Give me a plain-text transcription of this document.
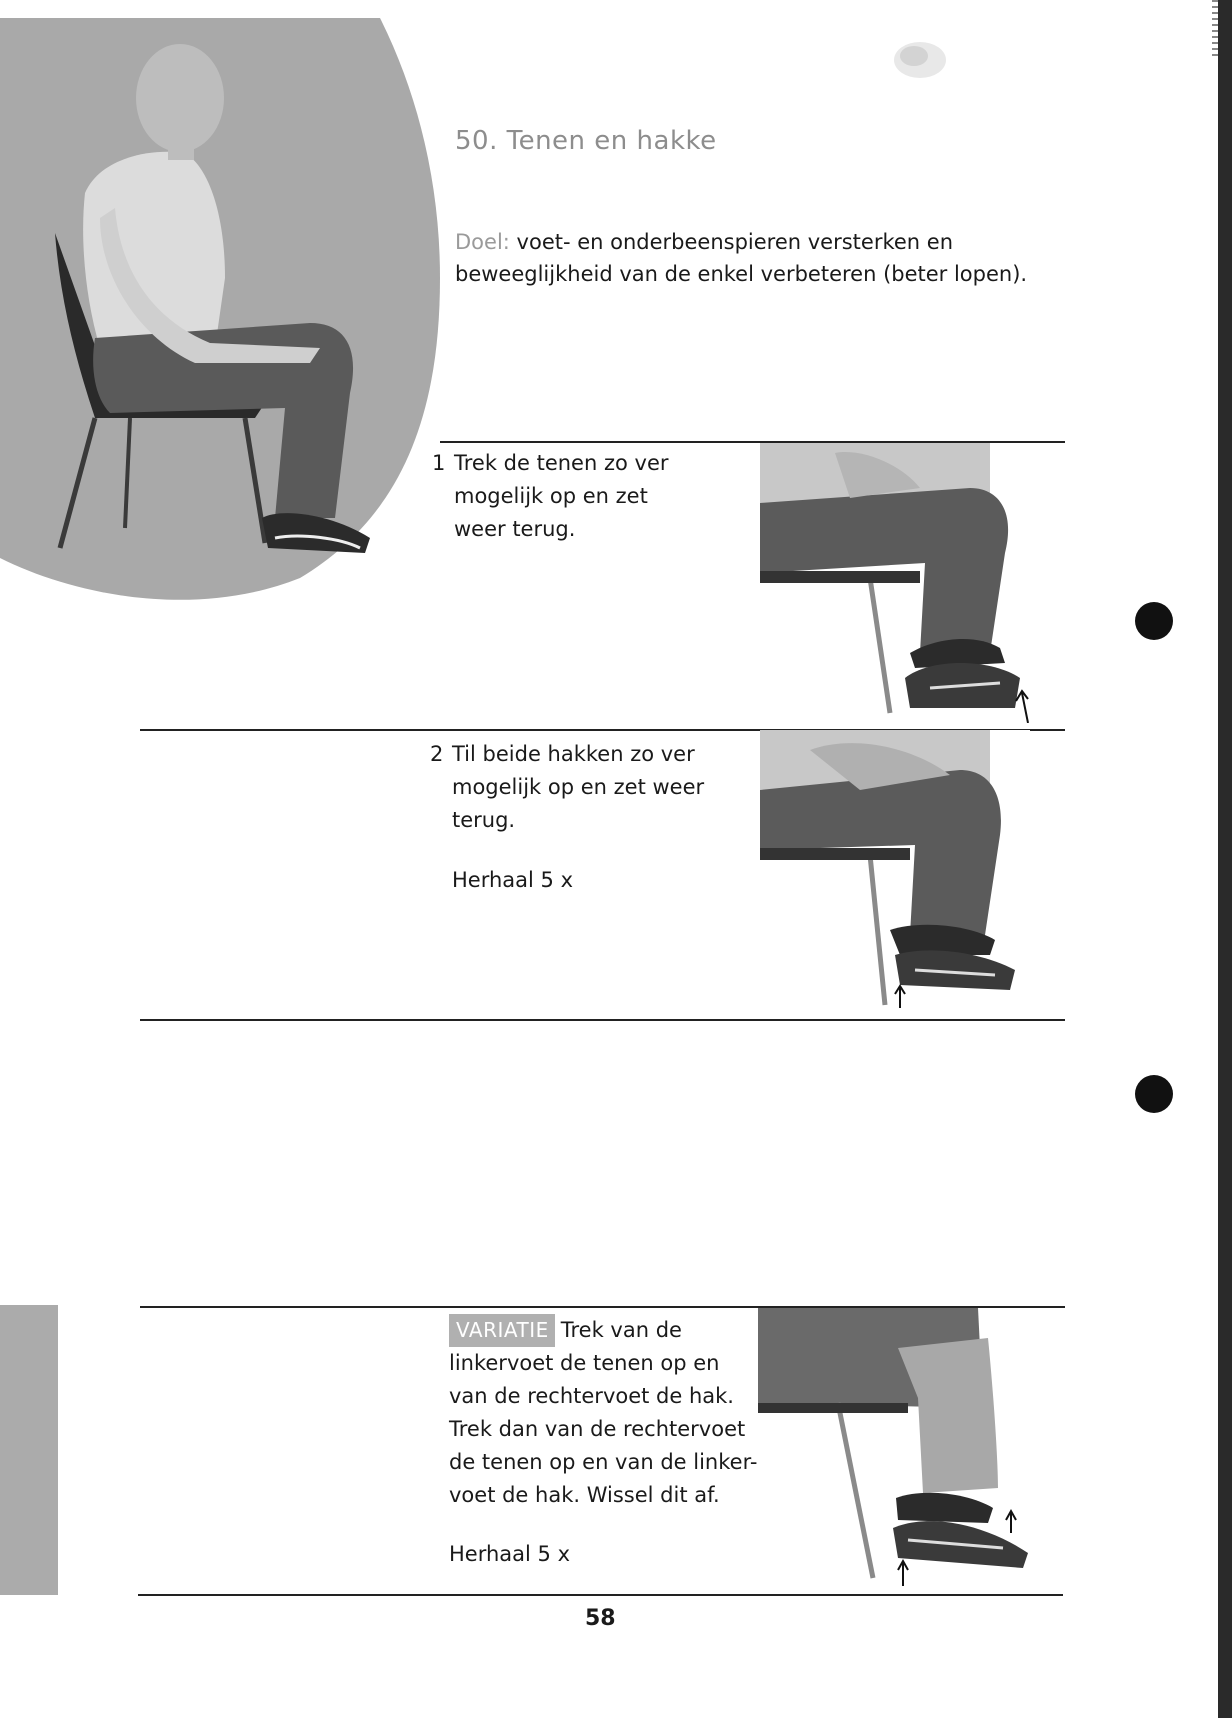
50. Tenen en hakke
Doel: voet- en onderbeenspieren versterken en beweeglijkheid van de enkel verbeteren (beter lopen).
1 Trek de tenen zo ver
mogelijk op en zet
weer terug.
2 Til beide hakken zo ver
mogelijk op en zet weer
terug.
Herhaal 5 x
VARIATIE Trek van de
linkervoet de tenen op en
van de rechtervoet de hak.
Trek dan van de rechtervoet
de tenen op en van de linker-
voet de hak. Wissel dit af.
Herhaal 5 x
58
